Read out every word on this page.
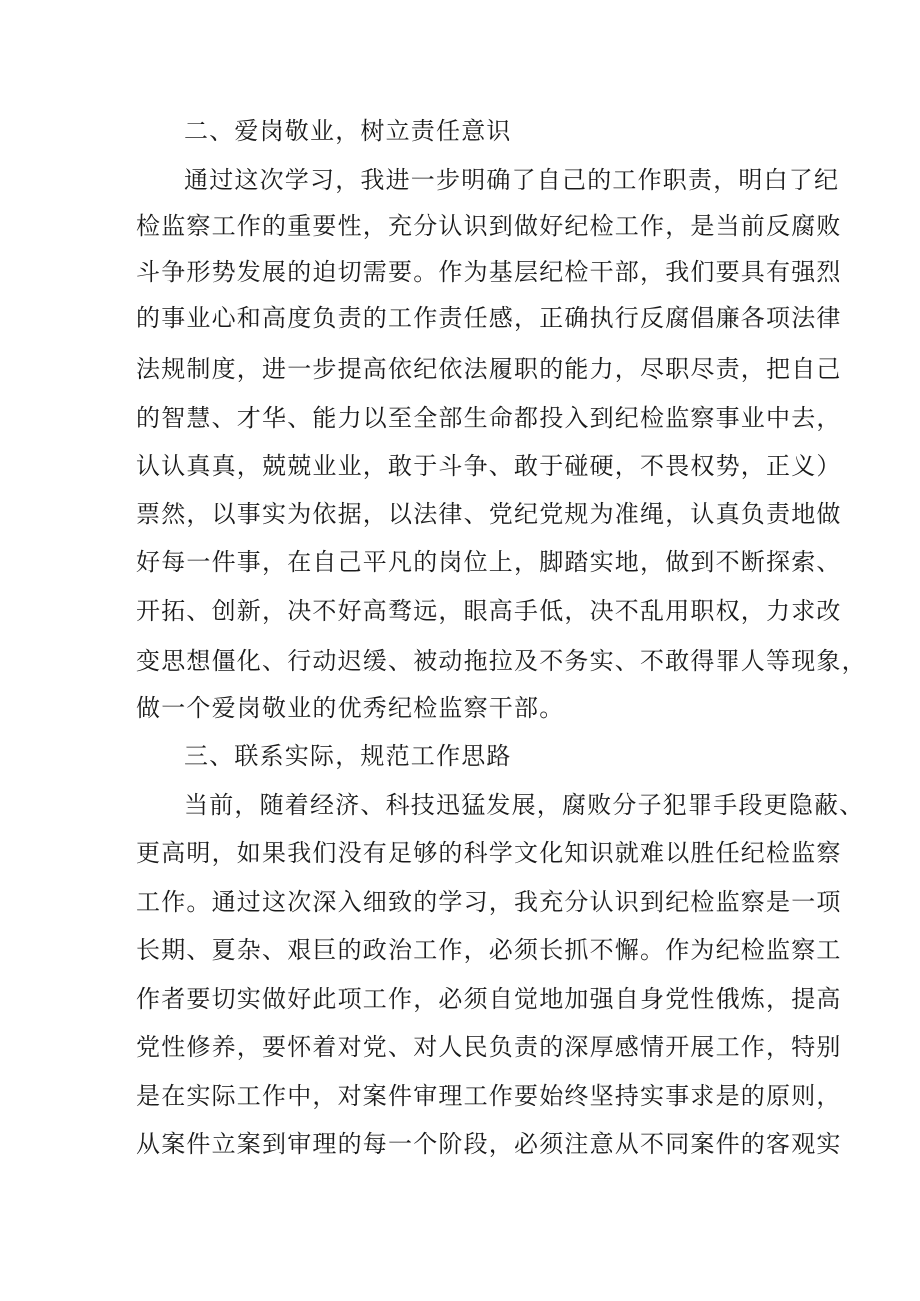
二、爱岗敬业，树立责任意识
通过这次学习，我进一步明确了自己的工作职责，明白了纪
检监察工作的重要性，充分认识到做好纪检工作，是当前反腐败
斗争形势发展的迫切需要。作为基层纪检干部，我们要具有强烈
的事业心和高度负责的工作责任感，正确执行反腐倡廉各项法律
法规制度，进一步提高依纪依法履职的能力，尽职尽责，把自己
的智慧、才华、能力以至全部生命都投入到纪检监察事业中去，
认认真真，兢兢业业，敢于斗争、敢于碰硬，不畏权势，正义）
票然，以事实为依据，以法律、党纪党规为准绳，认真负责地做
好每一件事，在自己平凡的岗位上，脚踏实地，做到不断探索、
开拓、创新，决不好高骛远，眼高手低，决不乱用职权，力求改
变思想僵化、行动迟缓、被动拖拉及不务实、不敢得罪人等现象，
做一个爱岗敬业的优秀纪检监察干部。
三、联系实际，规范工作思路
当前，随着经济、科技迅猛发展，腐败分子犯罪手段更隐蔽、
更高明，如果我们没有足够的科学文化知识就难以胜任纪检监察
工作。通过这次深入细致的学习，我充分认识到纪检监察是一项
长期、夏杂、艰巨的政治工作，必须长抓不懈。作为纪检监察工
作者要切实做好此项工作，必须自觉地加强自身党性俄炼，提高
党性修养，要怀着对党、对人民负责的深厚感情开展工作，特别
是在实际工作中，对案件审理工作要始终坚持实事求是的原则，
从案件立案到审理的每一个阶段，必须注意从不同案件的客观实
